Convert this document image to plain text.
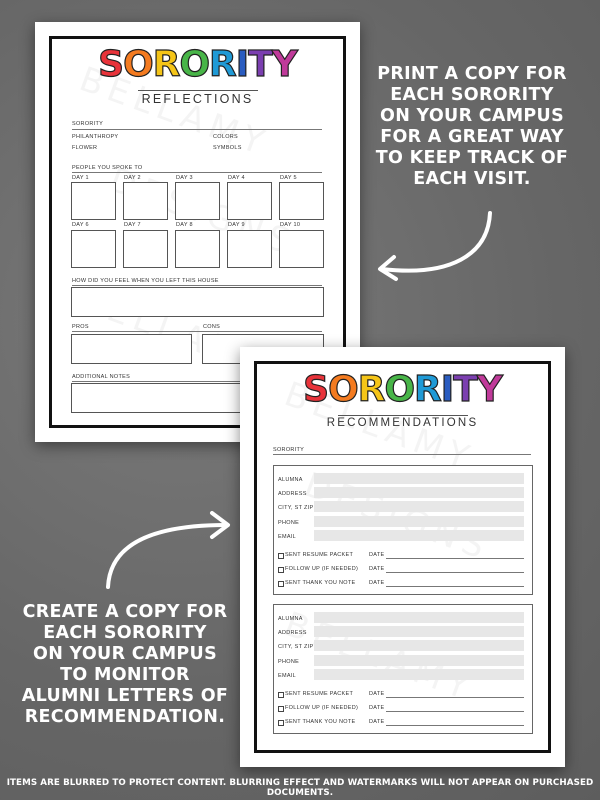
SORORITY
REFLECTIONS
SORORITY
PHILANTHROPY	COLORS
FLOWER	SYMBOLS
PEOPLE YOU SPOKE TO
DAY 1	DAY 2	DAY 3	DAY 4	DAY 5
DAY 6	DAY 7	DAY 8	DAY 9	DAY 10
HOW DID YOU FEEL WHEN YOU LEFT THIS HOUSE
PROS	CONS
ADDITIONAL NOTES	SORORITY
RECOMMENDATIONS
SORORITY
ALUMNA
ADDRESS
CITY, ST ZIP
PHONE
EMAIL
SENT RESUME PACKET	DATE
FOLLOW UP (IF NEEDED) DATE
SENT THANK YOU NOTE DATE
ALUMNA
ADDRESS
CITY, ST ZIP
PHONE
EMAIL
SENT RESUME PACKET	DATE
FOLLOW UP (IF NEEDED) DATE
SENT THANK YOU NOTE DATE
PRINT A COPY FOR
EACH SORORITY
ON YOUR CAMPUS
FOR A GREAT WAY
TO KEEP TRACK OF
EACH VISIT.
CREATE A COPY FOR
EACH SORORITY
ON YOUR CAMPUS
TO MONITOR
ALUMNI LETTERS OF
RECOMMENDATION.
ITEMS ARE BLURRED TO PROTECT CONTENT. BLURRING EFFECT AND WATERMARKS WILL NOT APPEAR ON PURCHASED DOCUMENTS.
